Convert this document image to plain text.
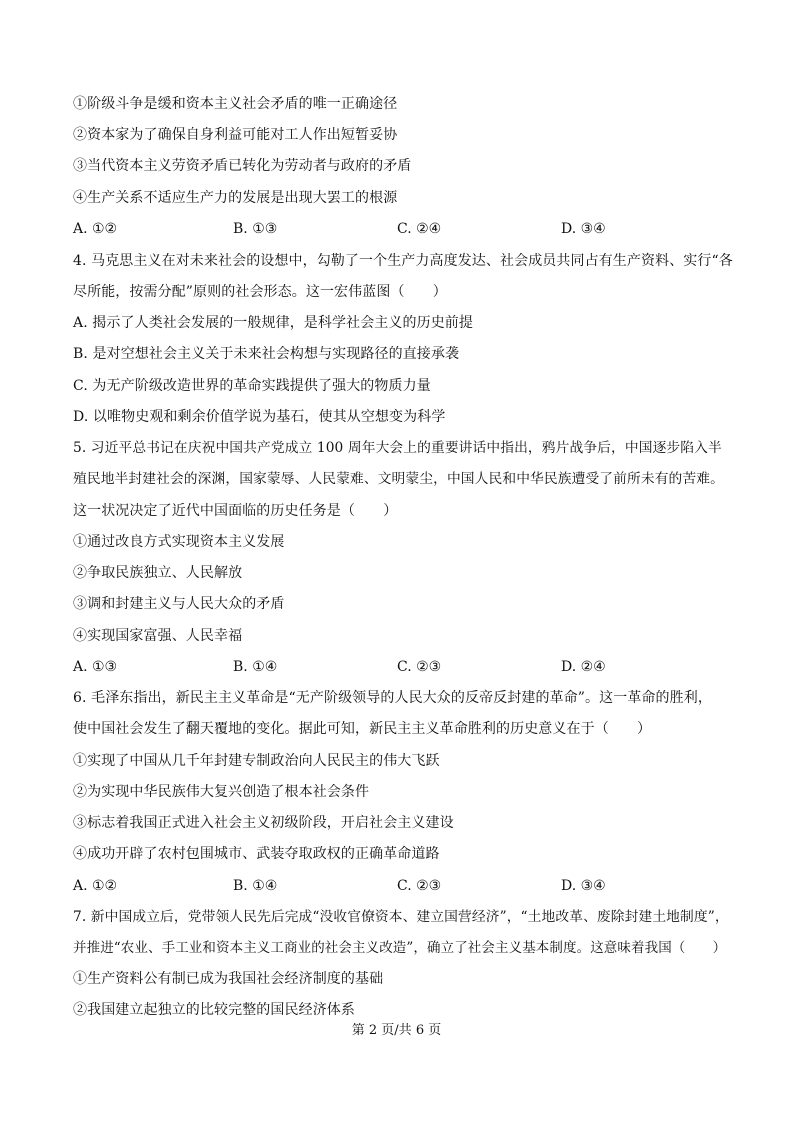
①阶级斗争是缓和资本主义社会矛盾的唯一正确途径
②资本家为了确保自身利益可能对工人作出短暂妥协
③当代资本主义劳资矛盾已转化为劳动者与政府的矛盾
④生产关系不适应生产力的发展是出现大罢工的根源
A. ①②	B. ①③	C. ②④	D. ③④
4. 马克思主义在对未来社会的设想中，勾勒了一个生产力高度发达、社会成员共同占有生产资料、实行“各
尽所能，按需分配”原则的社会形态。这一宏伟蓝图（　　）
A. 揭示了人类社会发展的一般规律，是科学社会主义的历史前提
B. 是对空想社会主义关于未来社会构想与实现路径的直接承袭
C. 为无产阶级改造世界的革命实践提供了强大的物质力量
D. 以唯物史观和剩余价值学说为基石，使其从空想变为科学
5. 习近平总书记在庆祝中国共产党成立 100 周年大会上的重要讲话中指出，鸦片战争后，中国逐步陷入半
殖民地半封建社会的深渊，国家蒙辱、人民蒙难、文明蒙尘，中国人民和中华民族遭受了前所未有的苦难。
这一状况决定了近代中国面临的历史任务是（　　）
①通过改良方式实现资本主义发展
②争取民族独立、人民解放
③调和封建主义与人民大众的矛盾
④实现国家富强、人民幸福
A. ①③	B. ①④	C. ②③	D. ②④
6. 毛泽东指出，新民主主义革命是“无产阶级领导的人民大众的反帝反封建的革命”。这一革命的胜利，
使中国社会发生了翻天覆地的变化。据此可知，新民主主义革命胜利的历史意义在于（　　）
①实现了中国从几千年封建专制政治向人民民主的伟大飞跃
②为实现中华民族伟大复兴创造了根本社会条件
③标志着我国正式进入社会主义初级阶段，开启社会主义建设
④成功开辟了农村包围城市、武装夺取政权的正确革命道路
A. ①②	B. ①④	C. ②③	D. ③④
7. 新中国成立后，党带领人民先后完成“没收官僚资本、建立国营经济”，“土地改革、废除封建土地制度”，
并推进“农业、手工业和资本主义工商业的社会主义改造”，确立了社会主义基本制度。这意味着我国（　　）
①生产资料公有制已成为我国社会经济制度的基础
②我国建立起独立的比较完整的国民经济体系
第 2 页/共 6 页
